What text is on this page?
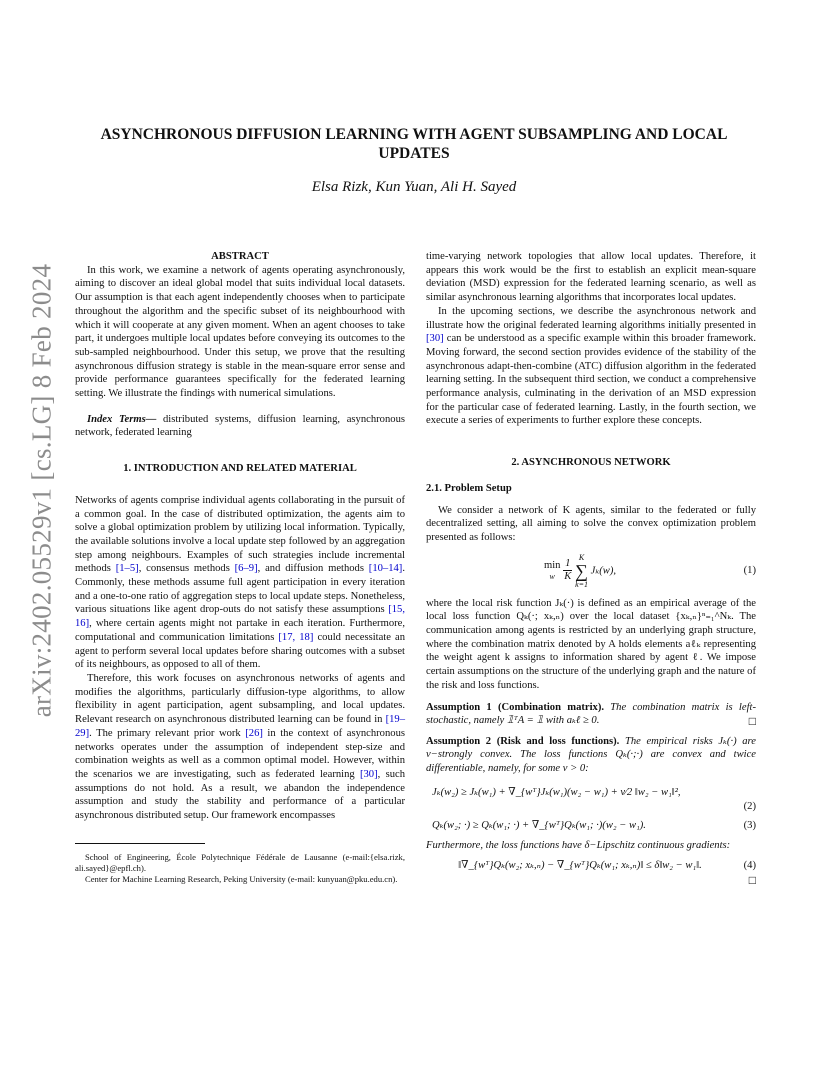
arXiv:2402.05529v1 [cs.LG] 8 Feb 2024
ASYNCHRONOUS DIFFUSION LEARNING WITH AGENT SUBSAMPLING AND LOCAL UPDATES
Elsa Rizk, Kun Yuan, Ali H. Sayed

ABSTRACT

In this work, we examine a network of agents operating asynchronously, aiming to discover an ideal global model that suits individual local datasets. Our assumption is that each agent independently chooses when to participate throughout the algorithm and the specific subset of its neighbourhood with which it will cooperate at any given moment. When an agent chooses to take part, it undergoes multiple local updates before conveying its outcomes to the sub-sampled neighbourhood. Under this setup, we prove that the resulting asynchronous diffusion strategy is stable in the mean-square error sense and provide performance guarantees specifically for the federated learning setting. We illustrate the findings with numerical simulations.

Index Terms— distributed systems, diffusion learning, asynchronous network, federated learning

1. INTRODUCTION AND RELATED MATERIAL

Networks of agents comprise individual agents collaborating in the pursuit of a common goal. In the case of distributed optimization, the agents aim to solve a global optimization problem by utilizing local information. Typically, the available solutions involve a local update step followed by an aggregation step among neighbours. Examples of such strategies include incremental methods [1–5], consensus methods [6–9], and diffusion methods [10–14]. Commonly, these methods assume full agent participation in every iteration and a one-to-one ratio of aggregation steps to local update steps. Nonetheless, various situations like agent drop-outs do not satisfy these assumptions [15, 16], where certain agents might not partake in each iteration. Furthermore, computational and communication limitations [17, 18] could necessitate an agent to perform several local updates before sharing outcomes with a subset of its neighbours, as opposed to all of them.

Therefore, this work focuses on asynchronous networks of agents and modifies the algorithms, particularly diffusion-type algorithms, to allow flexibility in agent participation, agent subsampling, and local updates. Relevant research on asynchronous distributed learning can be found in [19–29]. The primary relevant prior work [26] in the context of asynchronous networks operates under the assumption of independent step-size and combination weights as well as a common optimal model. However, within the scenarios we are investigating, such as federated learning [30], such assumptions do not hold. As a result, we abandon the independence assumption and study the stability and performance of a particular asynchronous distributed setup. Our framework encompasses

School of Engineering, École Polytechnique Fédérale de Lausanne (e-mail:{elsa.rizk, ali.sayed}@epfl.ch).

Center for Machine Learning Research, Peking University (e-mail: kunyuan@pku.edu.cn).

time-varying network topologies that allow local updates. Therefore, it appears this work would be the first to establish an explicit mean-square deviation (MSD) expression for the federated learning scenario, as well as similar asynchronous learning algorithms that incorporates local updates.

In the upcoming sections, we describe the asynchronous network and illustrate how the original federated learning algorithms initially presented in [30] can be understood as a specific example within this broader framework. Moving forward, the second section provides evidence of the stability of the asynchronous adapt-then-combine (ATC) diffusion algorithm in the federated learning setting. In the subsequent third section, we conduct a comprehensive performance analysis, culminating in the derivation of an MSD expression for the particular case of federated learning. Lastly, in the fourth section, we execute a series of experiments to further explore these concepts.

2. ASYNCHRONOUS NETWORK

2.1. Problem Setup

We consider a network of K agents, similar to the federated or fully decentralized setting, all aiming to solve the convex optimization problem presented as follows:

min
w
$\frac{1}{K}$

K
∑
k=1
Jₖ(w),	(1)

where the local risk function Jₖ(·) is defined as an empirical average of the local loss function Qₖ(·; xₖ,ₙ) over the local dataset {xₖ,ₙ}ⁿ₌₁^Nₖ. The communication among agents is restricted by an underlying graph structure, where the combination matrix denoted by A holds elements aℓₖ representing the weight agent k assigns to information shared by agent ℓ. We impose certain assumptions on the structure of the underlying graph and the nature of the risk and loss functions.

Assumption 1 (Combination matrix). The combination matrix is left-stochastic, namely 𝟙ᵀA = 𝟙 with aₖℓ ≥ 0.	□

Assumption 2 (Risk and loss functions). The empirical risks Jₖ(·) are ν−strongly convex. The loss functions Qₖ(·;·) are convex and twice differentiable, namely, for some ν > 0:

Jₖ(w₂) ≥ Jₖ(w₁) + ∇_{wᵀ}Jₖ(w₁)(w₂ − w₁) + ν⁄2 ‖w₂ − w₁‖²,
(2)
Qₖ(w₂; ·) ≥ Qₖ(w₁; ·) + ∇_{wᵀ}Qₖ(w₁; ·)(w₂ − w₁).	(3)

Furthermore, the loss functions have δ−Lipschitz continuous gradients:

‖∇_{wᵀ}Qₖ(w₂; xₖ,ₙ) − ∇_{wᵀ}Qₖ(w₁; xₖ,ₙ)‖ ≤ δ‖w₂ − w₁‖.	(4)
□
